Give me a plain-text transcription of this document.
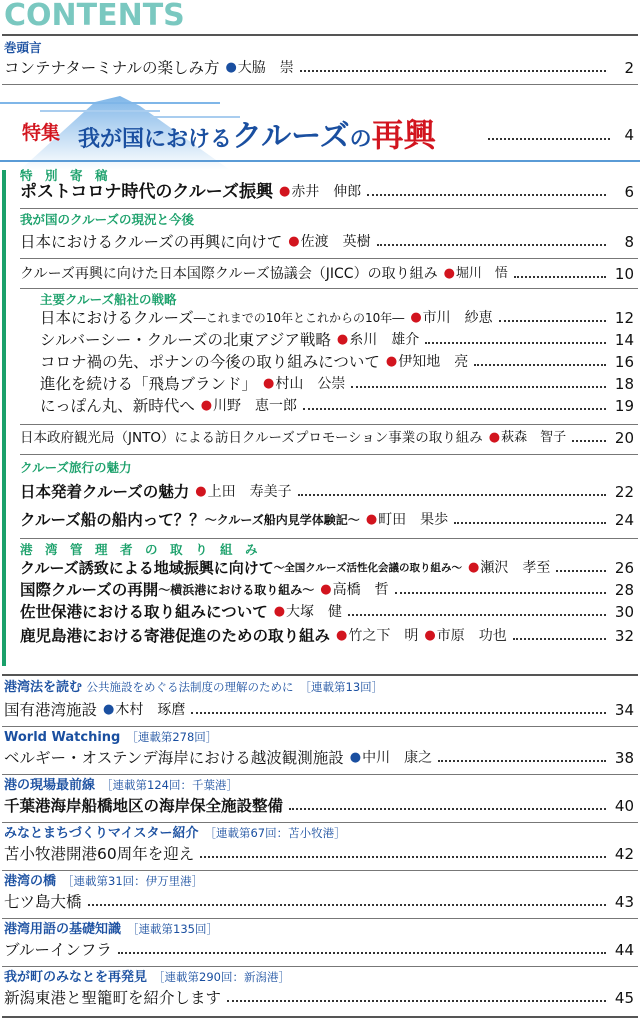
CONTENTS
巻頭言
コンテナターミナルの楽しみ方 ● 大脇　崇	2
特集 我が国におけるクルーズの再興	4
特　別　寄　稿
ポストコロナ時代のクルーズ振興 ● 赤井　伸郎	6
我が国のクルーズの現況と今後
日本におけるクルーズの再興に向けて ● 佐渡　英樹	8
クルーズ再興に向けた日本国際クルーズ協議会（JICC）の取り組み ● 堀川　悟	10
主要クルーズ船社の戦略
日本におけるクルーズ ―これまでの10年とこれからの10年― ● 市川　紗恵	12
シルバーシー・クルーズの北東アジア戦略 ● 糸川　雄介	14
コロナ禍の先、ポナンの今後の取り組みについて ● 伊知地　亮	16
進化を続ける「飛鳥ブランド」 ● 村山　公崇	18
にっぽん丸、新時代へ ● 川野　恵一郎	19
日本政府観光局（JNTO）による訪日クルーズプロモーション事業の取り組み ● 萩森　智子	20
クルーズ旅行の魅力
日本発着クルーズの魅力 ● 上田　寿美子	22
クルーズ船の船内って？？ ～クルーズ船内見学体験記～ ● 町田　果歩	24
港　湾　管　理　者　の　取　り　組　み
クルーズ誘致による地域振興に向けて ～全国クルーズ活性化会議の取り組み～ ● 瀬沢　孝至	26
国際クルーズの再開 ～横浜港における取り組み～ ● 高橋　哲	28
佐世保港における取り組みについて ● 大塚　健	30
鹿児島港における寄港促進のための取り組み ● 竹之下　明 ● 市原　功也	32
港湾法を読む 公共施設をめぐる法制度の理解のために ［連載第13回］
国有港湾施設 ● 木村　琢麿	34
World Watching ［連載第278回］
ベルギー・オステンデ海岸における越波観測施設 ● 中川　康之	38
港の現場最前線 ［連載第124回：千葉港］
千葉港海岸船橋地区の海岸保全施設整備	40
みなとまちづくりマイスター紹介 ［連載第67回：苫小牧港］
苫小牧港開港60周年を迎え	42
港湾の橋 ［連載第31回：伊万里港］
七ツ島大橋	43
港湾用語の基礎知識 ［連載第135回］
ブルーインフラ	44
我が町のみなとを再発見 ［連載第290回：新潟港］
新潟東港と聖籠町を紹介します	45
